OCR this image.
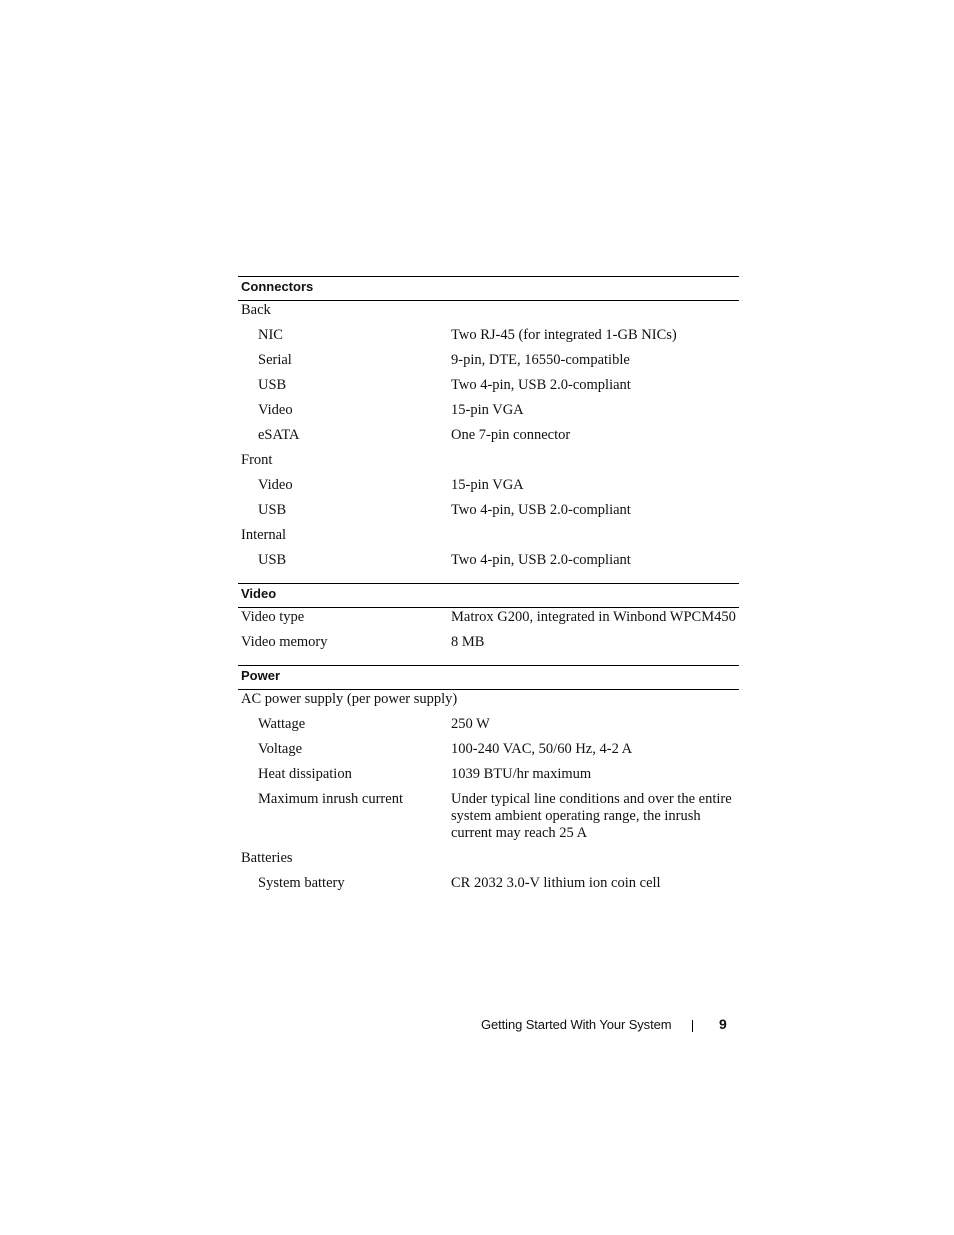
Connectors
Back
NIC	Two RJ-45 (for integrated 1-GB NICs)
Serial	9-pin, DTE, 16550-compatible
USB	Two 4-pin, USB 2.0-compliant
Video	15-pin VGA
eSATA	One 7-pin connector
Front
Video	15-pin VGA
USB	Two 4-pin, USB 2.0-compliant
Internal
USB	Two 4-pin, USB 2.0-compliant
Video
Video type	Matrox G200, integrated in Winbond WPCM450
Video memory	8 MB
Power
AC power supply (per power supply)
Wattage	250 W
Voltage	100-240 VAC, 50/60 Hz, 4-2 A
Heat dissipation	1039 BTU/hr maximum
Maximum inrush current	Under typical line conditions and over the entire system ambient operating range, the inrush current may reach 25 A
Batteries
System battery	CR 2032 3.0-V lithium ion coin cell
Getting Started With Your System	9
